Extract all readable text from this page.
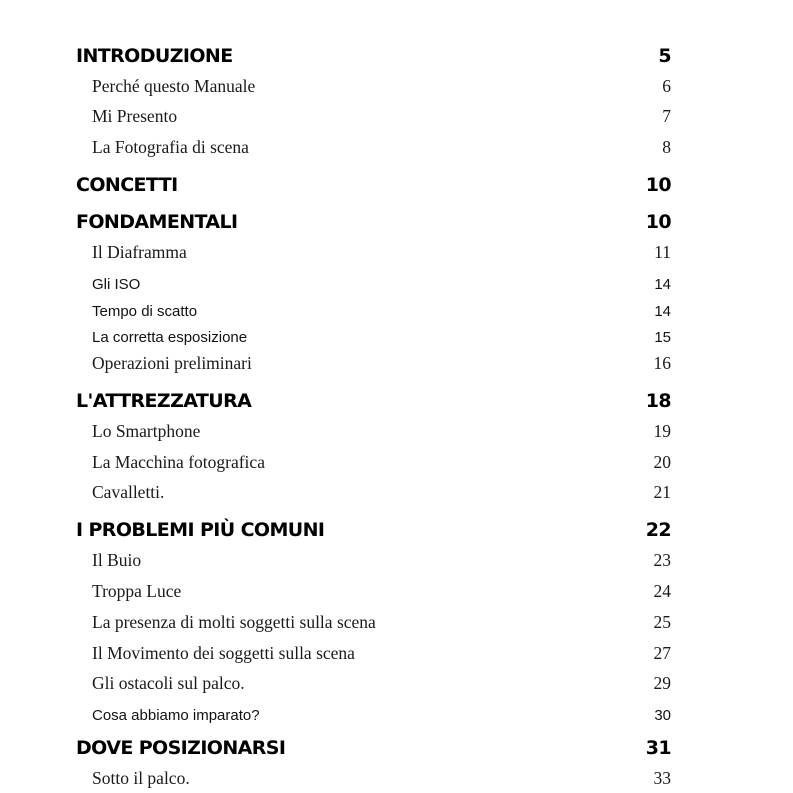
INTRODUZIONE	5
Perché questo Manuale	6
Mi Presento	7
La Fotografia di scena	8
CONCETTI	10
FONDAMENTALI	10
Il Diaframma	11
Gli ISO	14
Tempo di scatto	14
La corretta esposizione	15
Operazioni preliminari	16
L'ATTREZZATURA	18
Lo Smartphone	19
La Macchina fotografica	20
Cavalletti.	21
I PROBLEMI PIÙ COMUNI	22
Il Buio	23
Troppa Luce	24
La presenza di molti soggetti sulla scena	25
Il Movimento dei soggetti sulla scena	27
Gli ostacoli sul palco.	29
Cosa abbiamo imparato?	30
DOVE POSIZIONARSI	31
Sotto il palco.	33
